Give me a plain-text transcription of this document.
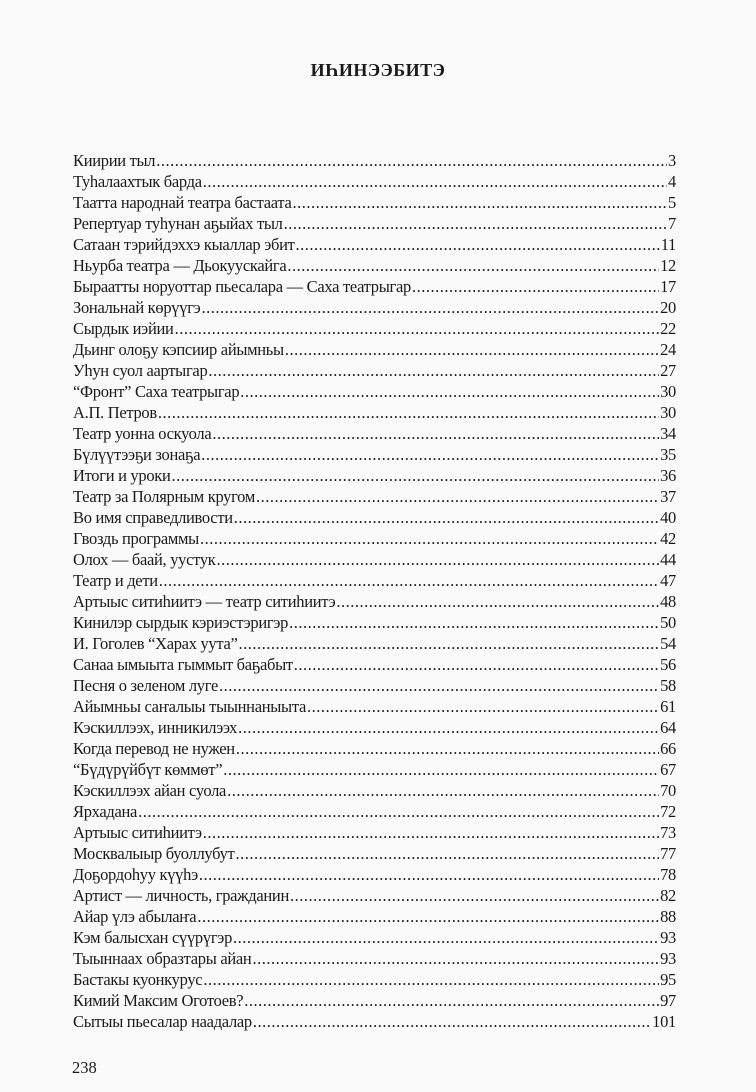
ИҺИНЭЭБИТЭ
Киирии тыл .....	3
Туһалаахтык барда .....	4
Таатта народнай театра бастаата .....	5
Репертуар туһунан аҕыйах тыл .....	7
Сатаан тэрийдэххэ кыаллар эбит .....	11
Ньурба театра — Дьокуускайга .....	12
Быраатты норуоттар пьесалара — Саха театрыгар .....	17
Зональнай көрүүгэ .....	20
Сырдык иэйии .....	22
Дьинг олоҕу кэпсиир айымньы .....	24
Уһун суол аартыгар .....	27
“Фронт” Саха театрыгар .....	30
А.П. Петров .....	30
Театр уонна оскуола .....	34
Бүлүүтээҕи зонаҕа .....	35
Итоги и уроки .....	36
Театр за Полярным кругом .....	37
Во имя справедливости .....	40
Гвоздь программы .....	42
Олох — баай, уустук .....	44
Театр и дети .....	47
Артыыс ситиһиитэ — театр ситиһиитэ .....	48
Кинилэр сырдык кэриэстэригэр .....	50
И. Гоголев “Харах уута” .....	54
Санаа ымыыта гыммыт баҕабыт .....	56
Песня о зеленом луге .....	58
Айымньы саҥалыы тыыннаныыта .....	61
Кэскиллээх, инникилээх .....	64
Когда перевод не нужен .....	66
“Бүдүрүйбүт көммөт” .....	67
Кэскиллээх айан суола .....	70
Ярхадана .....	72
Артыыс ситиһиитэ .....	73
Москвалыыр буоллубут .....	77
Доҕордоһуу күүһэ .....	78
Артист — личность, гражданин .....	82
Айар үлэ абылаҥа .....	88
Кэм балысхан сүүрүгэр .....	93
Тыыннаах образтары айан .....	93
Бастакы куонкурус .....	95
Кимий Максим Оготоев? .....	97
Сытыы пьесалар наадалар .....	101
238
